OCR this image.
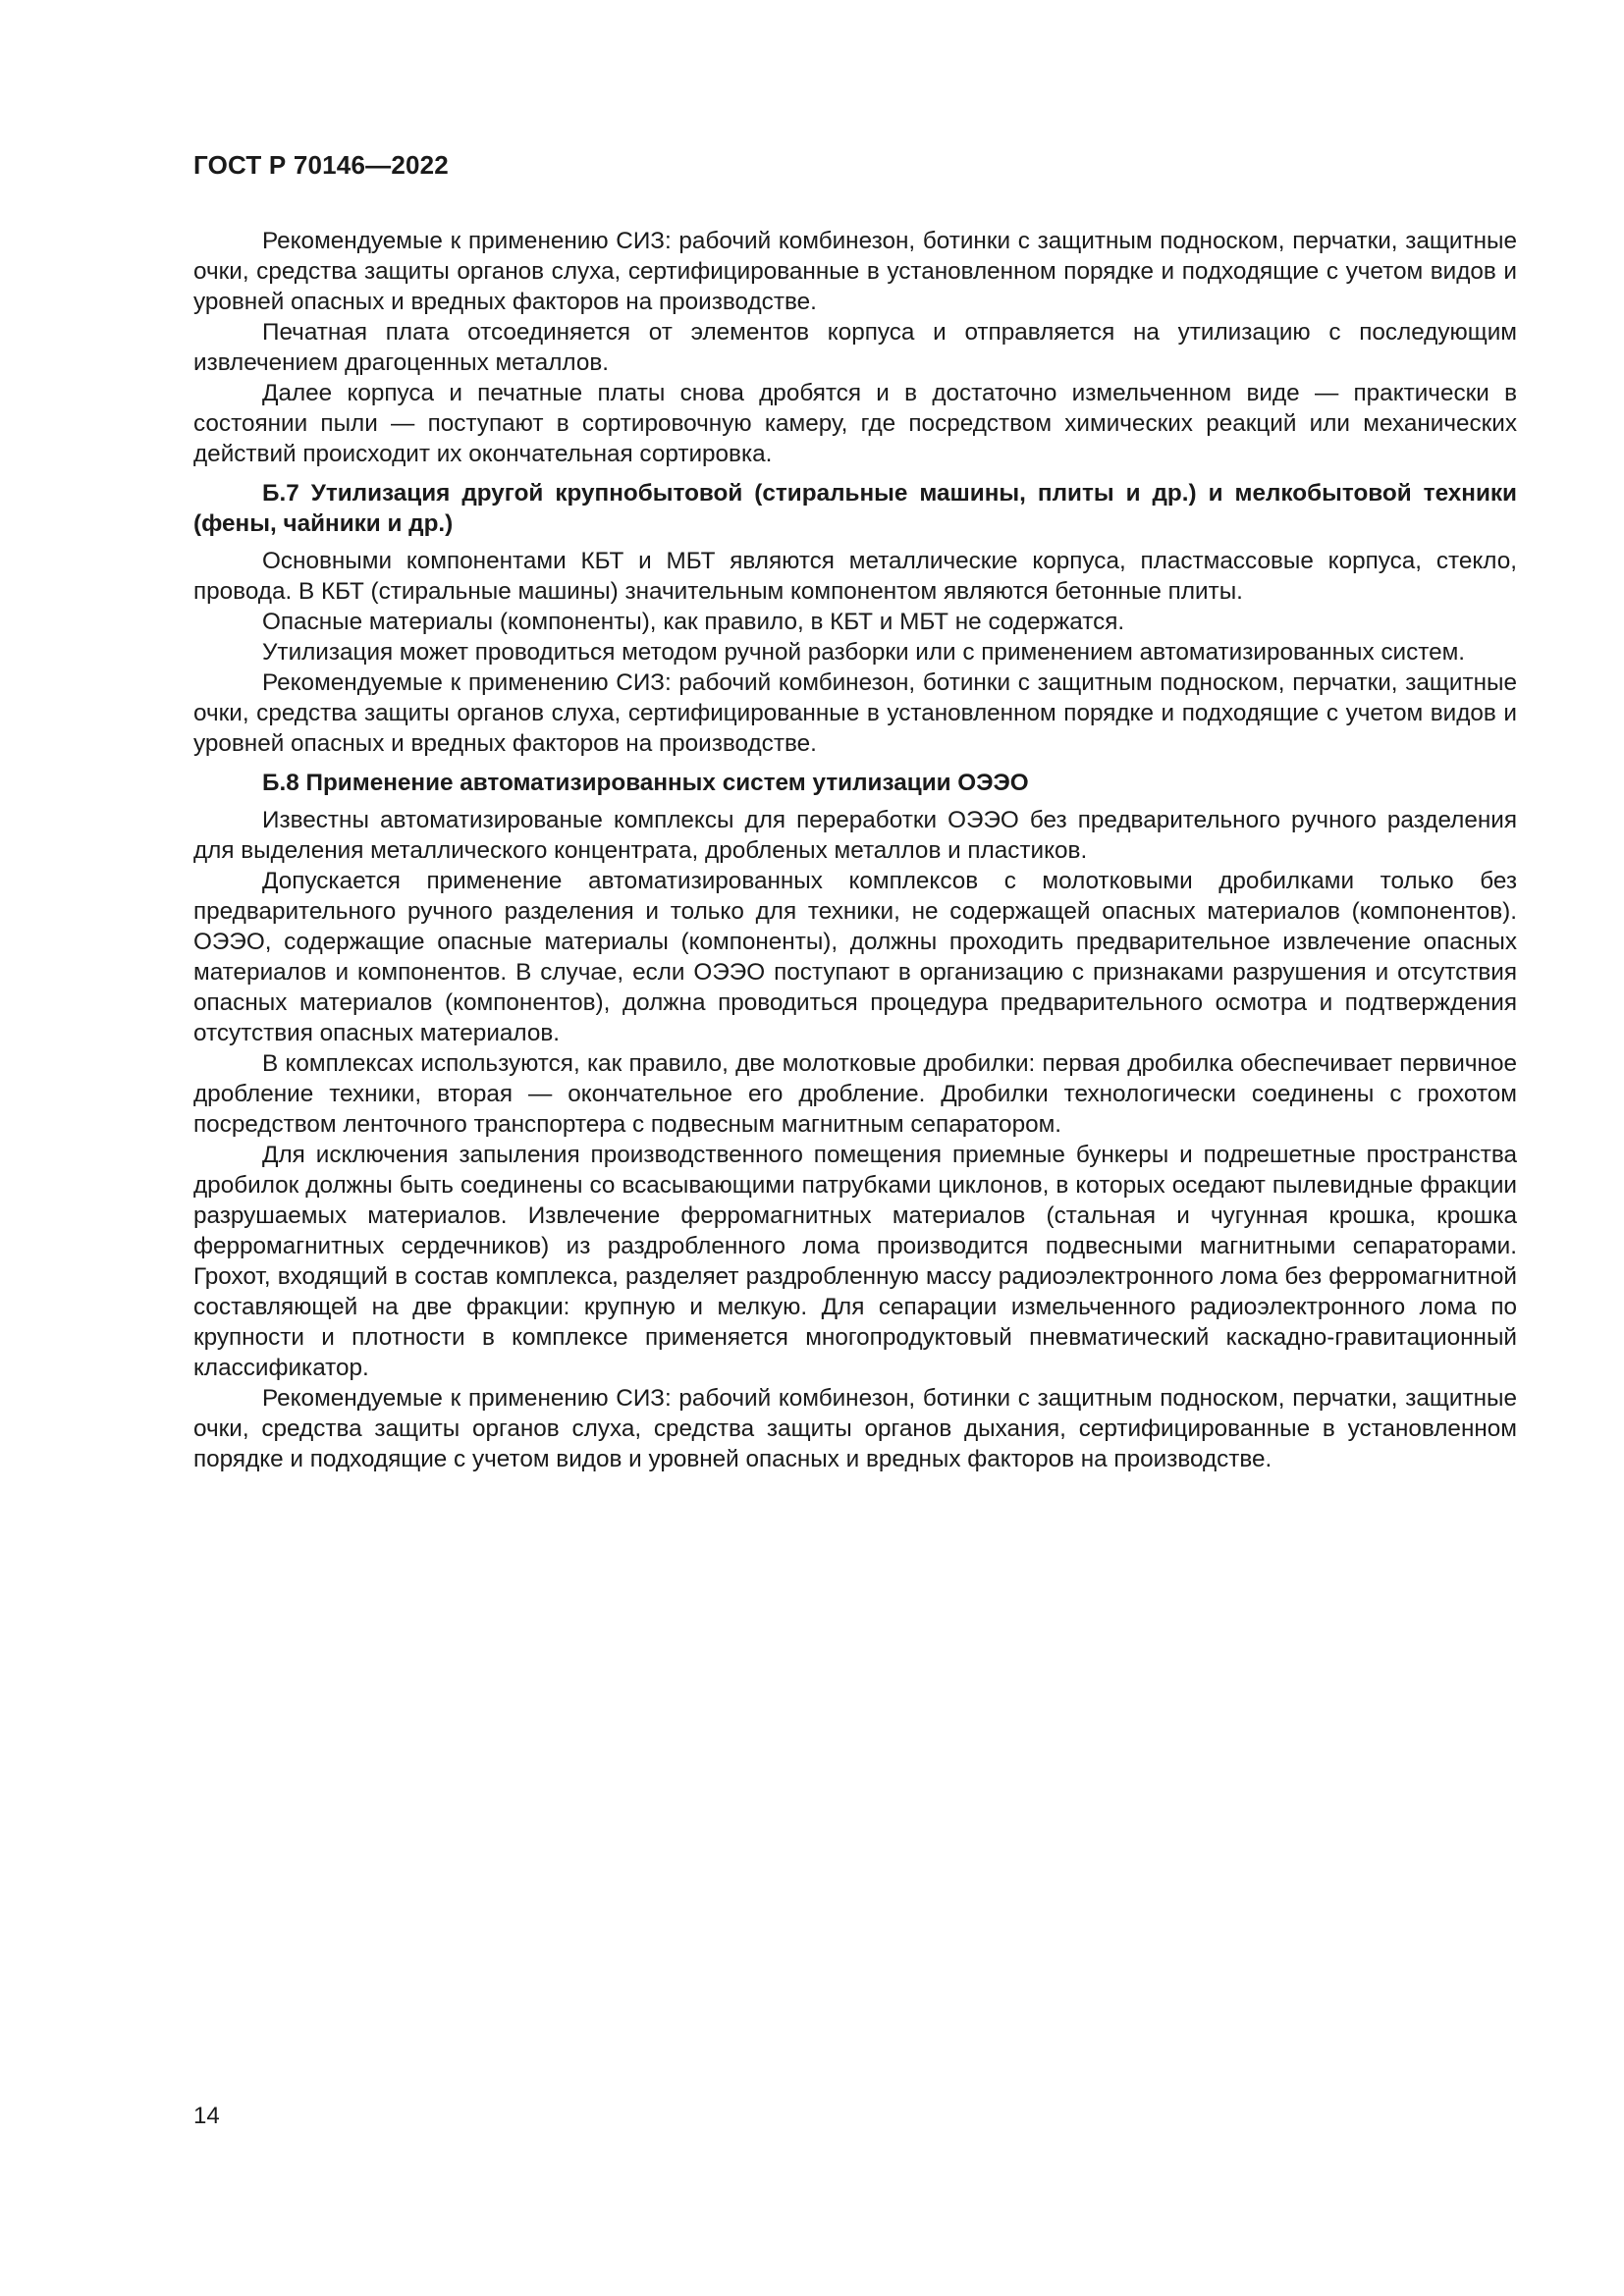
ГОСТ Р 70146—2022

Рекомендуемые к применению СИЗ: рабочий комбинезон, ботинки с защитным подноском, перчатки, защитные очки, средства защиты органов слуха, сертифицированные в установленном порядке и подходящие с учетом видов и уровней опасных и вредных факторов на производстве.

Печатная плата отсоединяется от элементов корпуса и отправляется на утилизацию с последующим извлечением драгоценных металлов.

Далее корпуса и печатные платы снова дробятся и в достаточно измельченном виде — практически в состоянии пыли — поступают в сортировочную камеру, где посредством химических реакций или механических действий происходит их окончательная сортировка.

Б.7 Утилизация другой крупнобытовой (стиральные машины, плиты и др.) и мелкобытовой техники (фены, чайники и др.)

Основными компонентами КБТ и МБТ являются металлические корпуса, пластмассовые корпуса, стекло, провода. В КБТ (стиральные машины) значительным компонентом являются бетонные плиты.

Опасные материалы (компоненты), как правило, в КБТ и МБТ не содержатся.

Утилизация может проводиться методом ручной разборки или с применением автоматизированных систем.

Рекомендуемые к применению СИЗ: рабочий комбинезон, ботинки с защитным подноском, перчатки, защитные очки, средства защиты органов слуха, сертифицированные в установленном порядке и подходящие с учетом видов и уровней опасных и вредных факторов на производстве.

Б.8 Применение автоматизированных систем утилизации ОЭЭО

Известны автоматизированые комплексы для переработки ОЭЭО без предварительного ручного разделения для выделения металлического концентрата, дробленых металлов и пластиков.

Допускается применение автоматизированных комплексов с молотковыми дробилками только без предварительного ручного разделения и только для техники, не содержащей опасных материалов (компонентов). ОЭЭО, содержащие опасные материалы (компоненты), должны проходить предварительное извлечение опасных материалов и компонентов. В случае, если ОЭЭО поступают в организацию с признаками разрушения и отсутствия опасных материалов (компонентов), должна проводиться процедура предварительного осмотра и подтверждения отсутствия опасных материалов.

В комплексах используются, как правило, две молотковые дробилки: первая дробилка обеспечивает первичное дробление техники, вторая — окончательное его дробление. Дробилки технологически соединены с грохотом посредством ленточного транспортера с подвесным магнитным сепаратором.

Для исключения запыления производственного помещения приемные бункеры и подрешетные пространства дробилок должны быть соединены со всасывающими патрубками циклонов, в которых оседают пылевидные фракции разрушаемых материалов. Извлечение ферромагнитных материалов (стальная и чугунная крошка, крошка ферромагнитных сердечников) из раздробленного лома производится подвесными магнитными сепараторами. Грохот, входящий в состав комплекса, разделяет раздробленную массу радиоэлектронного лома без ферромагнитной составляющей на две фракции: крупную и мелкую. Для сепарации измельченного радиоэлектронного лома по крупности и плотности в комплексе применяется многопродуктовый пневматический каскадно-гравитационный классификатор.

Рекомендуемые к применению СИЗ: рабочий комбинезон, ботинки с защитным подноском, перчатки, защитные очки, средства защиты органов слуха, средства защиты органов дыхания, сертифицированные в установленном порядке и подходящие с учетом видов и уровней опасных и вредных факторов на производстве.

14
